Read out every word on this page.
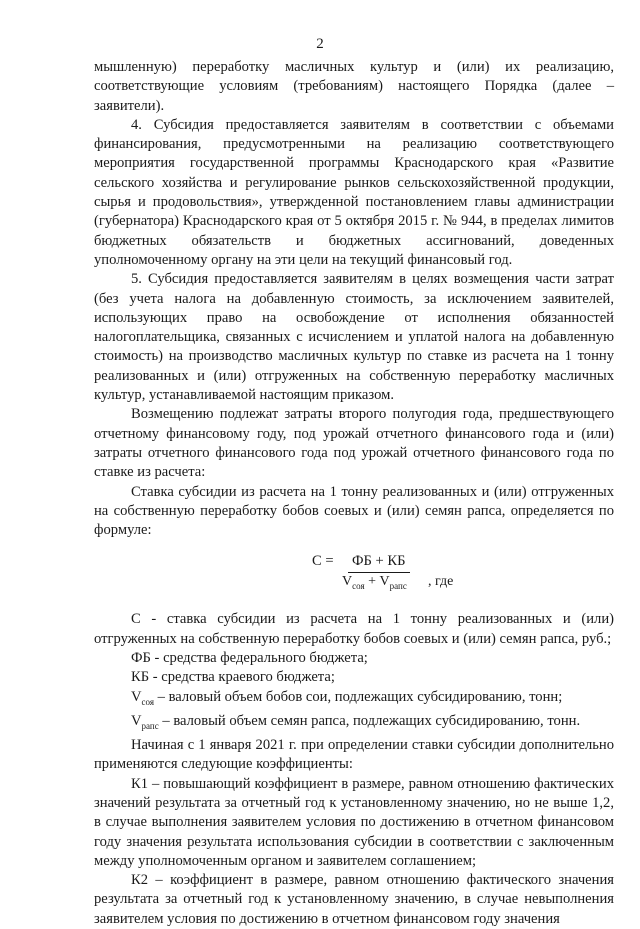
2

мышленную) переработку масличных культур и (или) их реализацию, соответствующие условиям (требованиям) настоящего Порядка (далее – заявители).

4. Субсидия предоставляется заявителям в соответствии с объемами финансирования, предусмотренными на реализацию соответствующего мероприятия государственной программы Краснодарского края «Развитие сельского хозяйства и регулирование рынков сельскохозяйственной продукции, сырья и продовольствия», утвержденной постановлением главы администрации (губернатора) Краснодарского края от 5 октября 2015 г. № 944, в пределах лимитов бюджетных обязательств и бюджетных ассигнований, доведенных уполномоченному органу на эти цели на текущий финансовый год.

5. Субсидия предоставляется заявителям в целях возмещения части затрат (без учета налога на добавленную стоимость, за исключением заявителей, использующих право на освобождение от исполнения обязанностей налогоплательщика, связанных с исчислением и уплатой налога на добавленную стоимость) на производство масличных культур по ставке из расчета на 1 тонну реализованных и (или) отгруженных на собственную переработку масличных культур, устанавливаемой настоящим приказом.

Возмещению подлежат затраты второго полугодия года, предшествующего отчетному финансовому году, под урожай отчетного финансового года и (или) затраты отчетного финансового года под урожай отчетного финансового года по ставке из расчета:

Ставка субсидии из расчета на 1 тонну реализованных и (или) отгруженных на собственную переработку бобов соевых и (или) семян рапса, определяется по формуле:

С = ФБ + КБ
$V_{соя} + V_{рапс}$ , где

С - ставка субсидии из расчета на 1 тонну реализованных и (или) отгруженных на собственную переработку бобов соевых и (или) семян рапса, руб.;

ФБ - средства федерального бюджета;

КБ - средства краевого бюджета;

$V_{соя}$ – валовый объем бобов сои, подлежащих субсидированию, тонн;

$V_{рапс}$ – валовый объем семян рапса, подлежащих субсидированию, тонн.

Начиная с 1 января 2021 г. при определении ставки субсидии дополнительно применяются следующие коэффициенты:

К1 – повышающий коэффициент в размере, равном отношению фактических значений результата за отчетный год к установленному значению, но не выше 1,2, в случае выполнения заявителем условия по достижению в отчетном финансовом году значения результата использования субсидии в соответствии с заключенным между уполномоченным органом и заявителем соглашением;

К2 – коэффициент в размере, равном отношению фактического значения результата за отчетный год к установленному значению, в случае невыполнения заявителем условия по достижению в отчетном финансовом году значения
